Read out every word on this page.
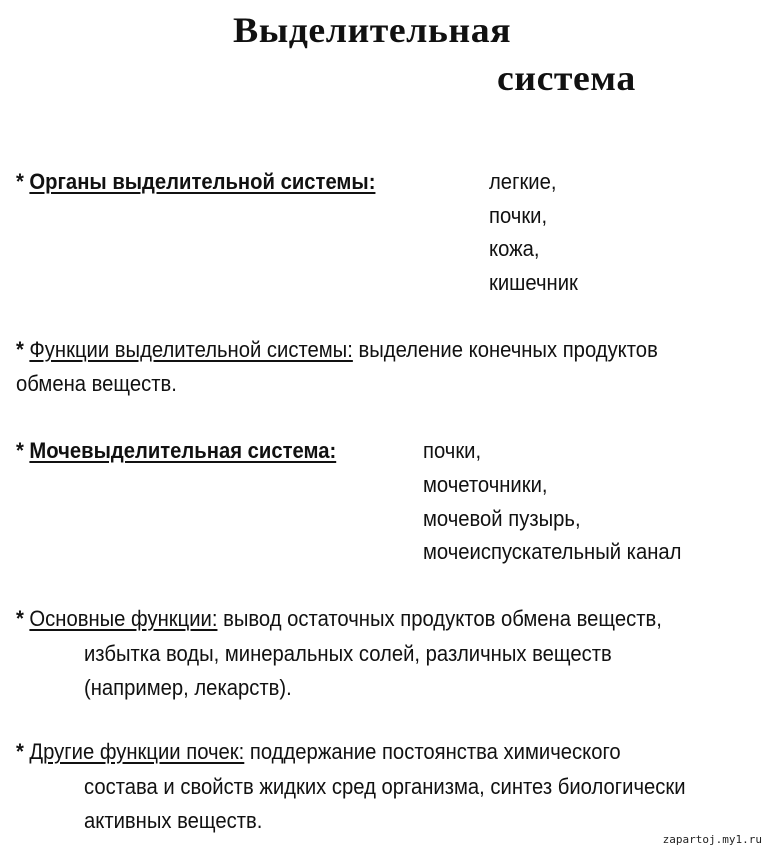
Выделительная
система
* Органы выделительной системы:	легкие,
почки,
кожа,
кишечник
* Функции выделительной системы: выделение конечных продуктов
обмена веществ.
* Мочевыделительная система:	почки,
мочеточники,
мочевой пузырь,
мочеиспускательный канал
* Основные функции: вывод остаточных продуктов обмена веществ,
избытка воды, минеральных солей, различных веществ
(например, лекарств).
* Другие функции почек: поддержание постоянства химического
состава и свойств жидких сред организма, синтез биологически
активных веществ.
zapartoj.my1.ru
